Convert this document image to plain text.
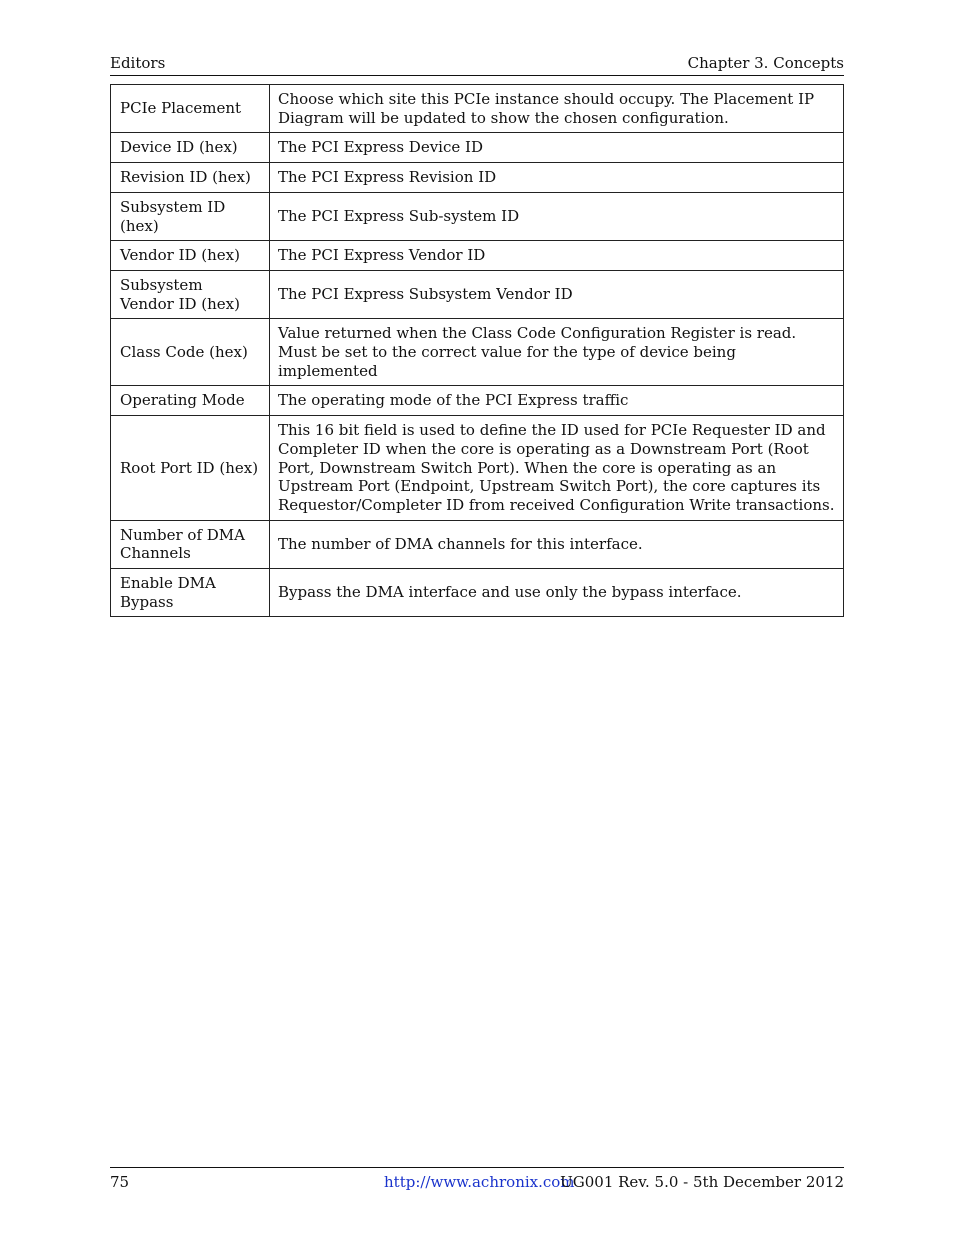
Editors	Chapter 3. Concepts
PCIe Placement	Choose which site this PCIe instance should occupy. The Placement IP Diagram will be updated to show the chosen configuration.
Device ID (hex)	The PCI Express Device ID
Revision ID (hex)	The PCI Express Revision ID
Subsystem ID (hex)	The PCI Express Sub-system ID
Vendor ID (hex)	The PCI Express Vendor ID
Subsystem Vendor ID (hex)	The PCI Express Subsystem Vendor ID
Class Code (hex)	Value returned when the Class Code Configuration Register is read. Must be set to the correct value for the type of device being implemented
Operating Mode	The operating mode of the PCI Express traffic
Root Port ID (hex)	This 16 bit field is used to define the ID used for PCIe Requester ID and Completer ID when the core is operating as a Downstream Port (Root Port, Downstream Switch Port). When the core is operating as an Upstream Port (Endpoint, Upstream Switch Port), the core captures its Requestor/Completer ID from received Configuration Write transactions.
Number of DMA Channels	The number of DMA channels for this interface.
Enable DMA Bypass	Bypass the DMA interface and use only the bypass interface.
75	http://www.achronix.com
UG001 Rev. 5.0 - 5th December 2012
